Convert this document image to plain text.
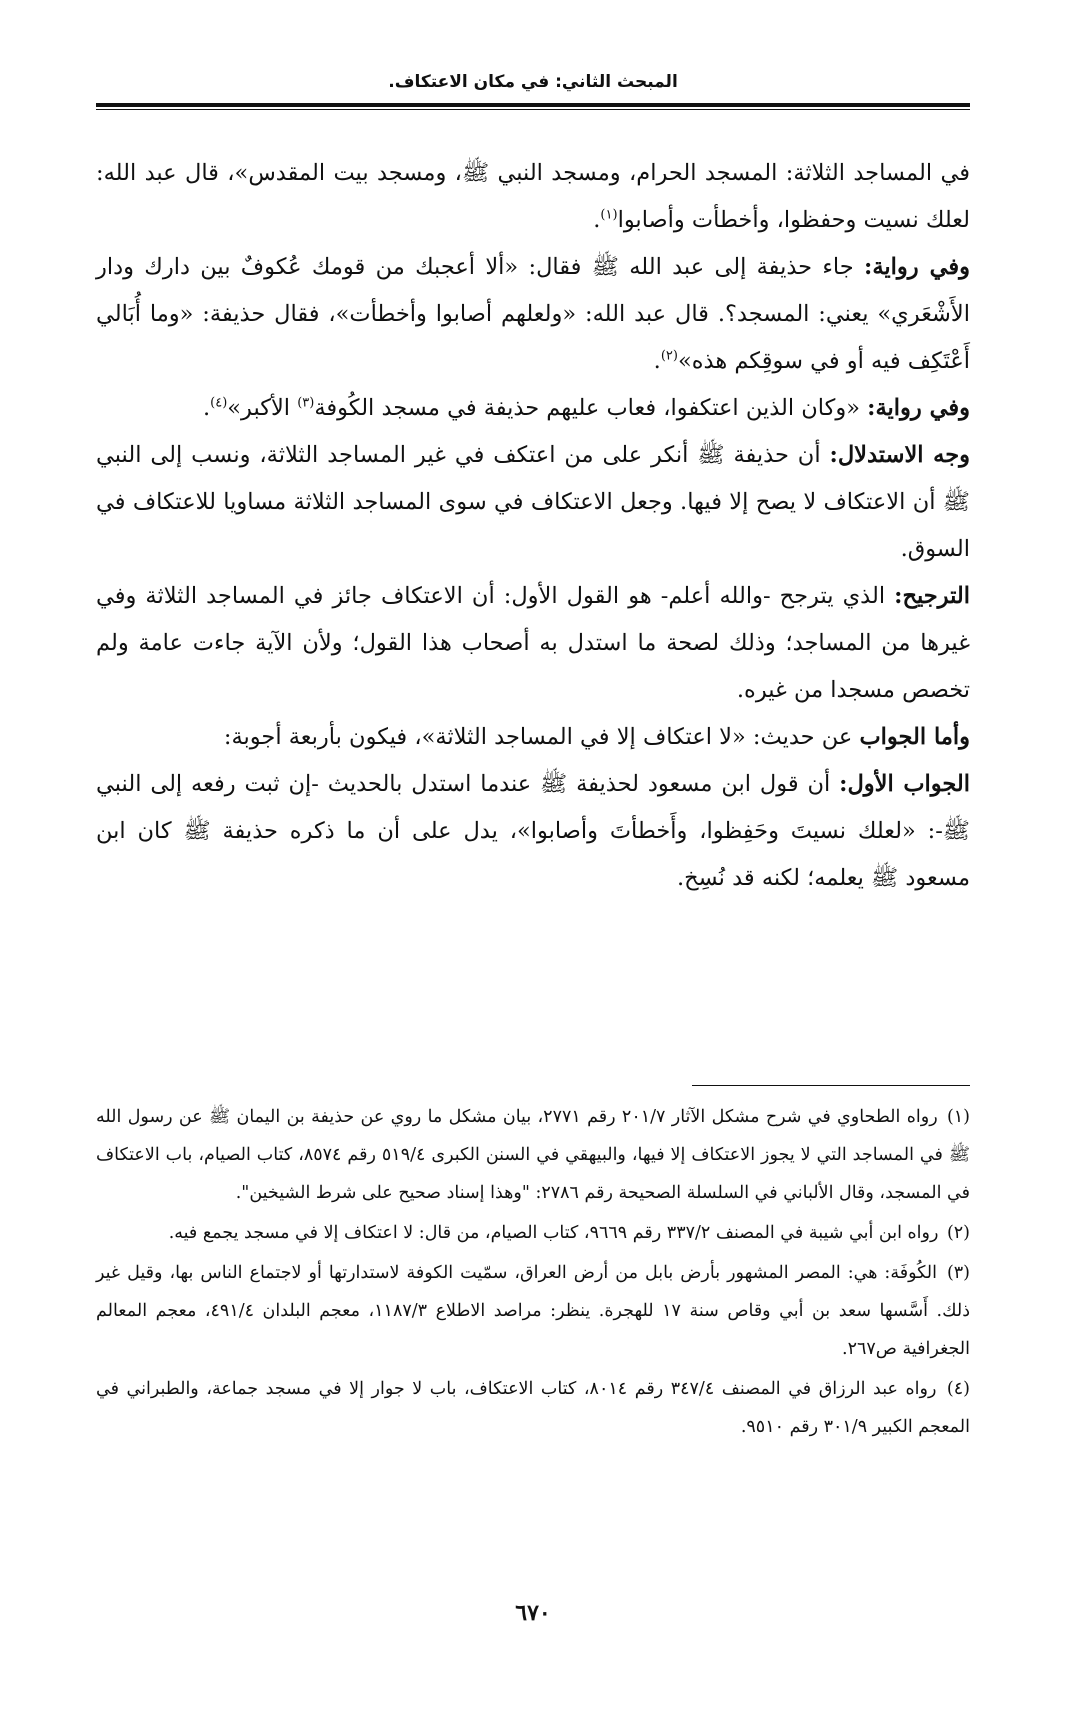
المبحث الثاني: في مكان الاعتكاف.

في المساجد الثلاثة: المسجد الحرام، ومسجد النبي ﷺ، ومسجد بيت المقدس»، قال عبد الله: لعلك نسيت وحفظوا، وأخطأت وأصابوا$^{(١)}$.

وفي رواية: جاء حذيفة إلى عبد الله ﷺ فقال: «ألا أعجبك من قومك عُكوفٌ بين دارك ودار الأَشْعَري» يعني: المسجد؟. قال عبد الله: «ولعلهم أصابوا وأخطأت»، فقال حذيفة: «وما أُبَالي أَعْتَكِف فيه أو في سوقِكم هذه»$^{(٢)}$.

وفي رواية: «وكان الذين اعتكفوا، فعاب عليهم حذيفة في مسجد الكُوفة$^{(٣)}$ الأكبر»$^{(٤)}$.

وجه الاستدلال: أن حذيفة ﷺ أنكر على من اعتكف في غير المساجد الثلاثة، ونسب إلى النبي ﷺ أن الاعتكاف لا يصح إلا فيها. وجعل الاعتكاف في سوى المساجد الثلاثة مساويا للاعتكاف في السوق.

الترجيح: الذي يترجح -والله أعلم- هو القول الأول: أن الاعتكاف جائز في المساجد الثلاثة وفي غيرها من المساجد؛ وذلك لصحة ما استدل به أصحاب هذا القول؛ ولأن الآية جاءت عامة ولم تخصص مسجدا من غيره.

وأما الجواب عن حديث: «لا اعتكاف إلا في المساجد الثلاثة»، فيكون بأربعة أجوبة:

الجواب الأول: أن قول ابن مسعود لحذيفة ﷺ عندما استدل بالحديث -إن ثبت رفعه إلى النبي ﷺ-: «لعلك نسيتَ وحَفِظوا، وأَخطأتَ وأصابوا»، يدل على أن ما ذكره حذيفة ﷺ كان ابن مسعود ﷺ يعلمه؛ لكنه قد نُسِخ.

(١) رواه الطحاوي في شرح مشكل الآثار ٢٠١/٧ رقم ٢٧٧١، بيان مشكل ما روي عن حذيفة بن اليمان ﷺ عن رسول الله ﷺ في المساجد التي لا يجوز الاعتكاف إلا فيها، والبيهقي في السنن الكبرى ٥١٩/٤ رقم ٨٥٧٤، كتاب الصيام، باب الاعتكاف في المسجد، وقال الألباني في السلسلة الصحيحة رقم ٢٧٨٦: "وهذا إسناد صحيح على شرط الشيخين".

(٢) رواه ابن أبي شيبة في المصنف ٣٣٧/٢ رقم ٩٦٦٩، كتاب الصيام، من قال: لا اعتكاف إلا في مسجد يجمع فيه.

(٣) الكُوفَة: هي: المصر المشهور بأرض بابل من أرض العراق، سمّيت الكوفة لاستدارتها أو لاجتماع الناس بها، وقيل غير ذلك. أَسَّسها سعد بن أبي وقاص سنة ١٧ للهجرة. ينظر: مراصد الاطلاع ١١٨٧/٣، معجم البلدان ٤٩١/٤، معجم المعالم الجغرافية ص٢٦٧.

(٤) رواه عبد الرزاق في المصنف ٣٤٧/٤ رقم ٨٠١٤، كتاب الاعتكاف، باب لا جوار إلا في مسجد جماعة، والطبراني في المعجم الكبير ٣٠١/٩ رقم ٩٥١٠.

٦٧٠
